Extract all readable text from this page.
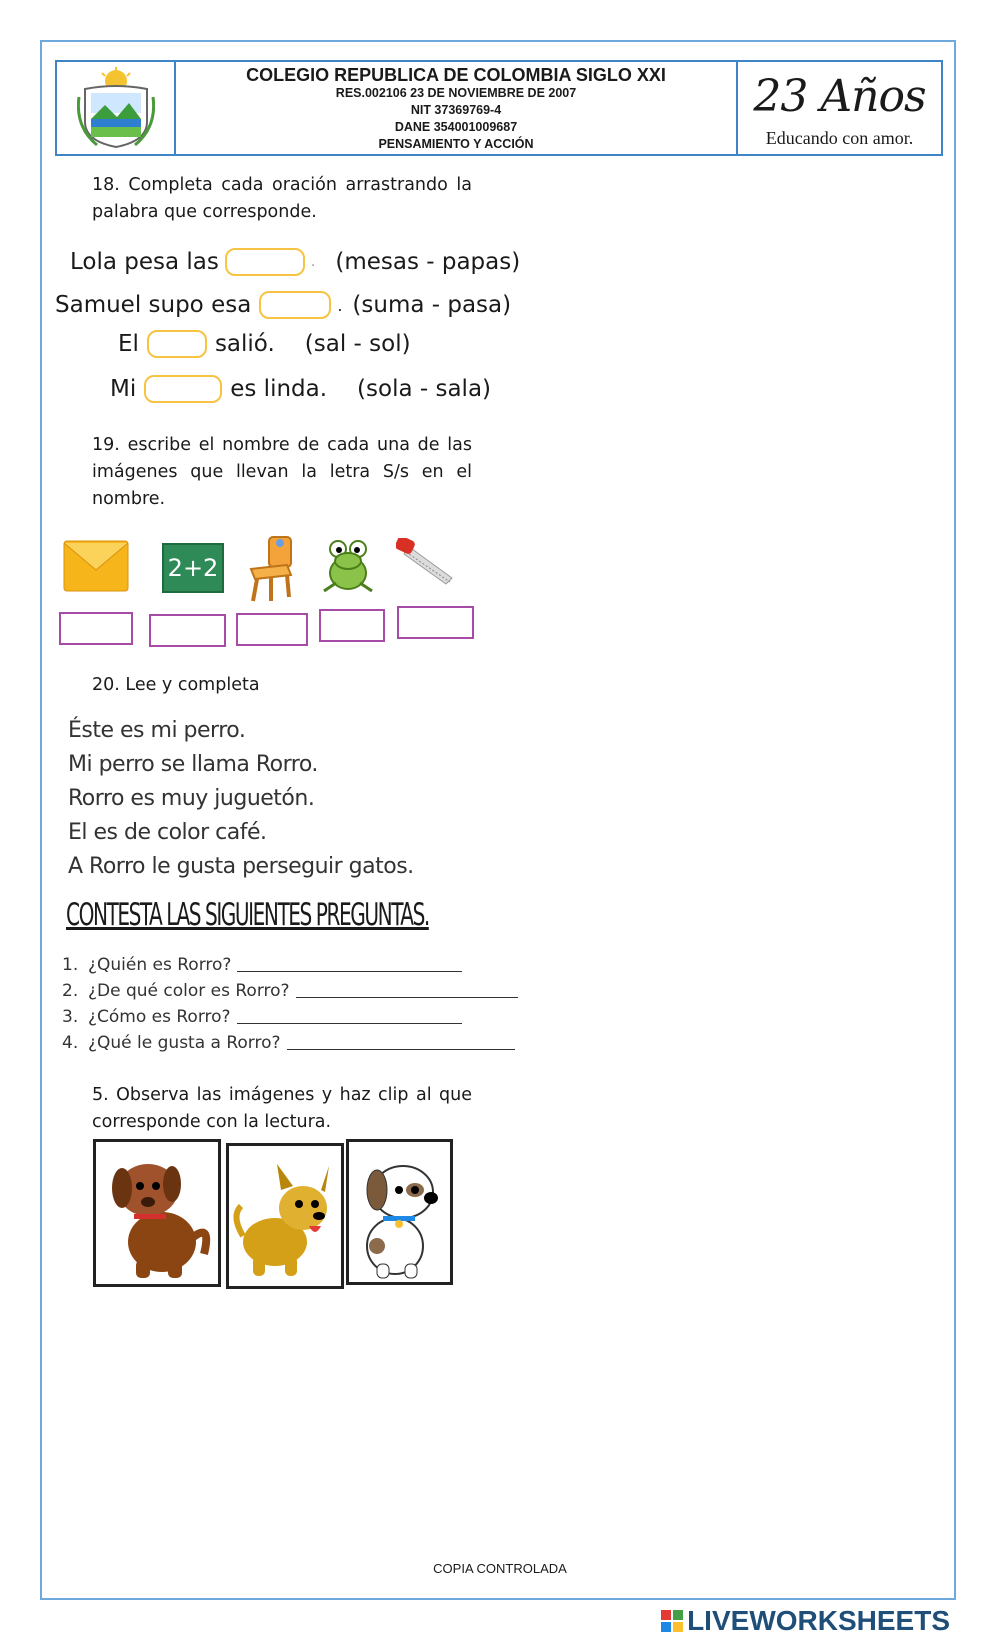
COLEGIO REPUBLICA DE COLOMBIA SIGLO XXI
RES.002106 23 DE NOVIEMBRE DE 2007
NIT 37369769-4
DANE 354001009687
PENSAMIENTO Y ACCIÓN
23 Años
Educando con amor.
18. Completa cada oración arrastrando la palabra que corresponde.
Lola pesa las	. (mesas - papas)
Samuel supo esa	. (suma - pasa)
El	salió. (sal - sol)
Mi	es linda. (sola - sala)
19. escribe el nombre de cada una de las imágenes que llevan la letra S/s en el nombre.
2+2
20. Lee y completa
Éste es mi perro.
Mi perro se llama Rorro.
Rorro es muy juguetón.
El es de color café.
A Rorro le gusta perseguir gatos.
CONTESTA LAS SIGUIENTES PREGUNTAS.
1. ¿Quién es Rorro?
2. ¿De qué color es Rorro?
3. ¿Cómo es Rorro?
4. ¿Qué le gusta a Rorro?
5. Observa las imágenes y haz clip al que corresponde con la lectura.
COPIA CONTROLADA
LIVEWORKSHEETS
